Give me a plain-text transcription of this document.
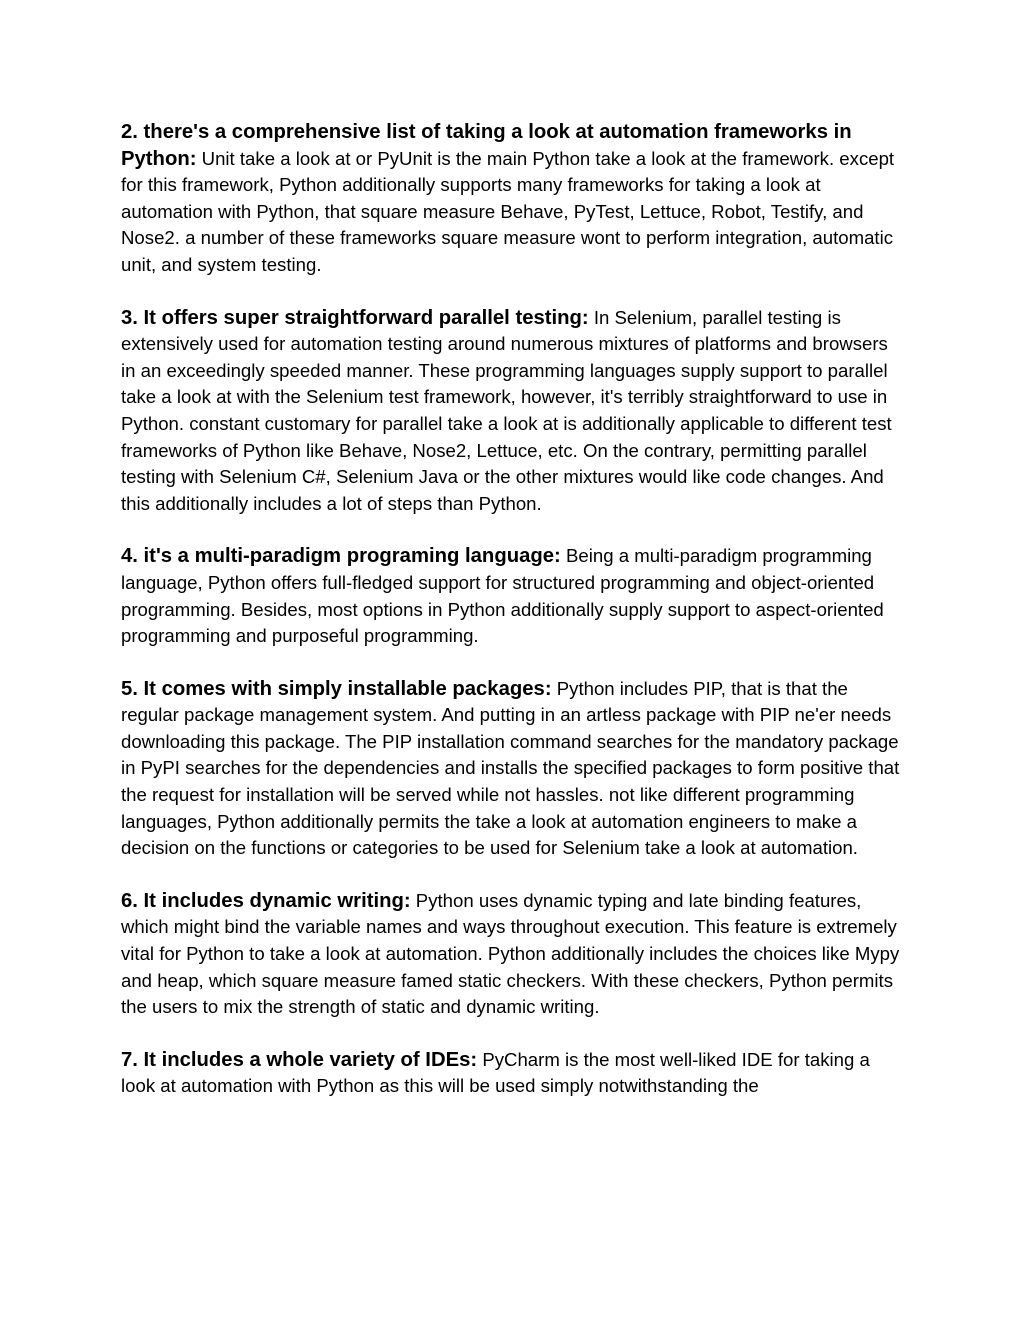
2. there's a comprehensive list of taking a look at automation frameworks in Python: Unit take a look at or PyUnit is the main Python take a look at the framework. except for this framework, Python additionally supports many frameworks for taking a look at automation with Python, that square measure Behave, PyTest, Lettuce, Robot, Testify, and Nose2. a number of these frameworks square measure wont to perform integration, automatic unit, and system testing.

3. It offers super straightforward parallel testing: In Selenium, parallel testing is extensively used for automation testing around numerous mixtures of platforms and browsers in an exceedingly speeded manner. These programming languages supply support to parallel take a look at with the Selenium test framework, however, it's terribly straightforward to use in Python. constant customary for parallel take a look at is additionally applicable to different test frameworks of Python like Behave, Nose2, Lettuce, etc. On the contrary, permitting parallel testing with Selenium C#, Selenium Java or the other mixtures would like code changes. And this additionally includes a lot of steps than Python.

4. it's a multi-paradigm programing language: Being a multi-paradigm programming language, Python offers full-fledged support for structured programming and object-oriented programming. Besides, most options in Python additionally supply support to aspect-oriented programming and purposeful programming.

5. It comes with simply installable packages: Python includes PIP, that is that the regular package management system. And putting in an artless package with PIP ne'er needs downloading this package. The PIP installation command searches for the mandatory package in PyPI searches for the dependencies and installs the specified packages to form positive that the request for installation will be served while not hassles. not like different programming languages, Python additionally permits the take a look at automation engineers to make a decision on the functions or categories to be used for Selenium take a look at automation.

6. It includes dynamic writing: Python uses dynamic typing and late binding features, which might bind the variable names and ways throughout execution. This feature is extremely vital for Python to take a look at automation. Python additionally includes the choices like Mypy and heap, which square measure famed static checkers. With these checkers, Python permits the users to mix the strength of static and dynamic writing.

7. It includes a whole variety of IDEs: PyCharm is the most well-liked IDE for taking a look at automation with Python as this will be used simply notwithstanding the
